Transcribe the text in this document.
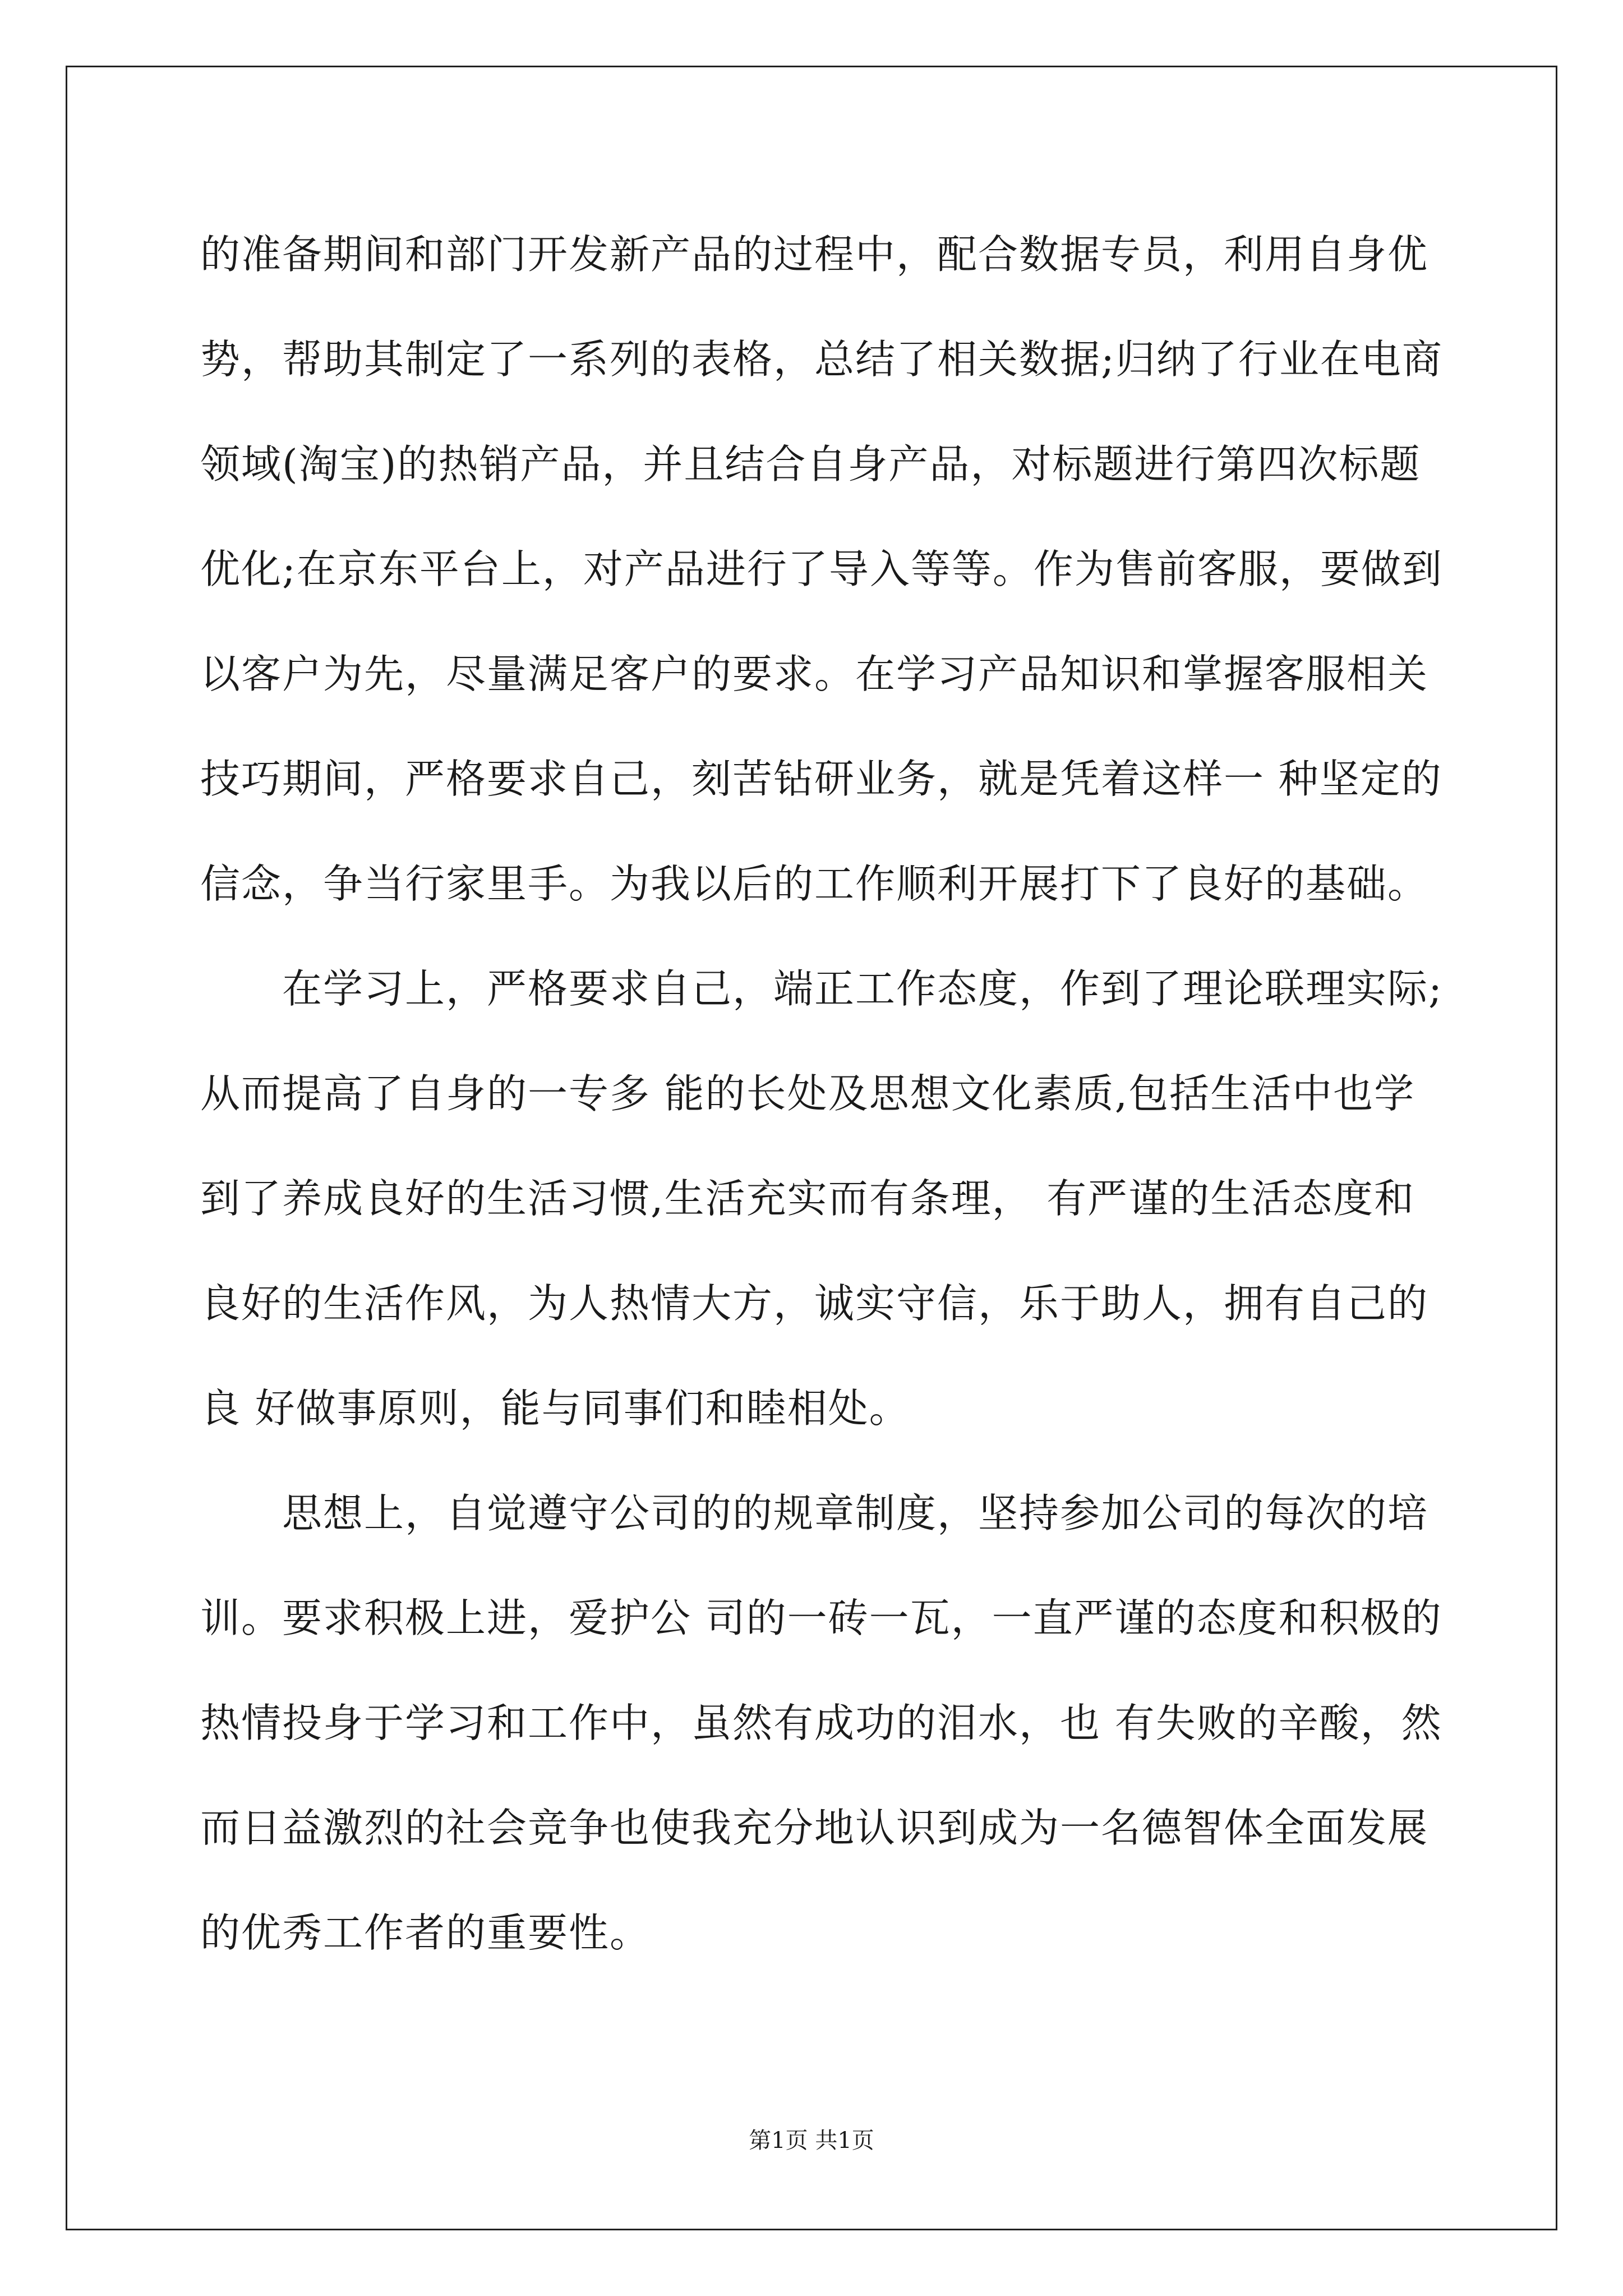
的准备期间和部门开发新产品的过程中，配合数据专员，利用自身优
势，帮助其制定了一系列的表格，总结了相关数据;归纳了行业在电商
领域(淘宝)的热销产品，并且结合自身产品，对标题进行第四次标题
优化;在京东平台上，对产品进行了导入等等。作为售前客服，要做到
以客户为先，尽量满足客户的要求。在学习产品知识和掌握客服相关
技巧期间，严格要求自己，刻苦钻研业务，就是凭着这样一 种坚定的
信念，争当行家里手。为我以后的工作顺利开展打下了良好的基础。
　　在学习上，严格要求自己，端正工作态度，作到了理论联理实际;
从而提高了自身的一专多 能的长处及思想文化素质,包括生活中也学
到了养成良好的生活习惯,生活充实而有条理， 有严谨的生活态度和
良好的生活作风，为人热情大方，诚实守信，乐于助人，拥有自己的
良 好做事原则，能与同事们和睦相处。
　　思想上，自觉遵守公司的的规章制度，坚持参加公司的每次的培
训。要求积极上进，爱护公 司的一砖一瓦，一直严谨的态度和积极的
热情投身于学习和工作中，虽然有成功的泪水，也 有失败的辛酸，然
而日益激烈的社会竞争也使我充分地认识到成为一名德智体全面发展
的优秀工作者的重要性。
第1页 共1页
